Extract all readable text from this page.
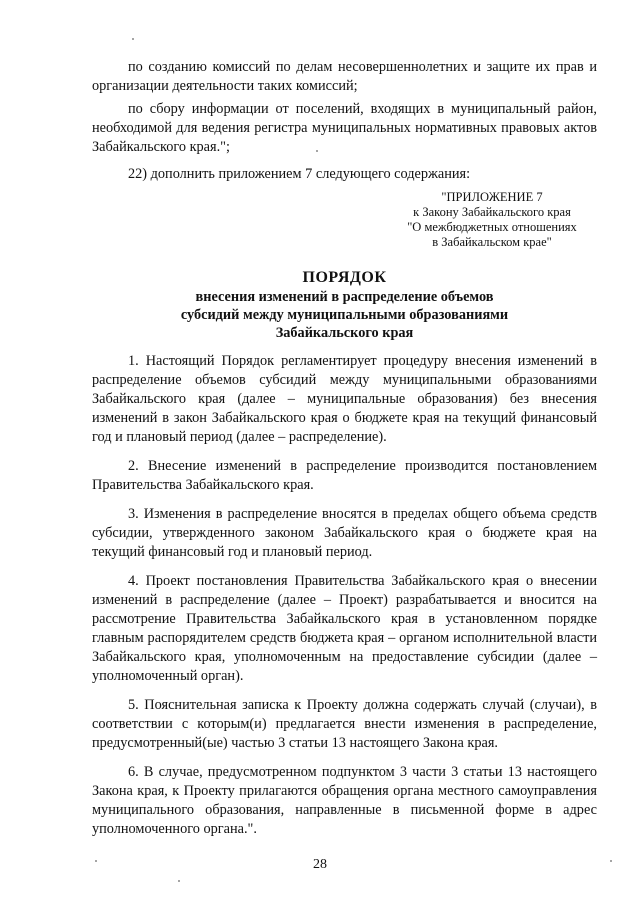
по созданию комиссий по делам несовершеннолетних и защите их прав и организации деятельности таких комиссий;

по сбору информации от поселений, входящих в муниципальный район, необходимой для ведения регистра муниципальных нормативных правовых актов Забайкальского края.";

22) дополнить приложением 7 следующего содержания:

"ПРИЛОЖЕНИЕ 7
к Закону Забайкальского края
"О межбюджетных отношениях
в Забайкальском крае"
ПОРЯДОК
внесения изменений в распределение объемов
субсидий между муниципальными образованиями
Забайкальского края

1. Настоящий Порядок регламентирует процедуру внесения изменений в распределение объемов субсидий между муниципальными образованиями Забайкальского края (далее – муниципальные образования) без внесения изменений в закон Забайкальского края о бюджете края на текущий финансовый год и плановый период (далее – распределение).

2. Внесение изменений в распределение производится постановлением Правительства Забайкальского края.

3. Изменения в распределение вносятся в пределах общего объема средств субсидии, утвержденного законом Забайкальского края о бюджете края на текущий финансовый год и плановый период.

4. Проект постановления Правительства Забайкальского края о внесении изменений в распределение (далее – Проект) разрабатывается и вносится на рассмотрение Правительства Забайкальского края в установленном порядке главным распорядителем средств бюджета края – органом исполнительной власти Забайкальского края, уполномоченным на предоставление субсидии (далее – уполномоченный орган).

5. Пояснительная записка к Проекту должна содержать случай (случаи), в соответствии с которым(и) предлагается внести изменения в распределение, предусмотренный(ые) частью 3 статьи 13 настоящего Закона края.

6. В случае, предусмотренном подпунктом 3 части 3 статьи 13 настоящего Закона края, к Проекту прилагаются обращения органа местного самоуправления муниципального образования, направленные в письменной форме в адрес уполномоченного органа.".

28
